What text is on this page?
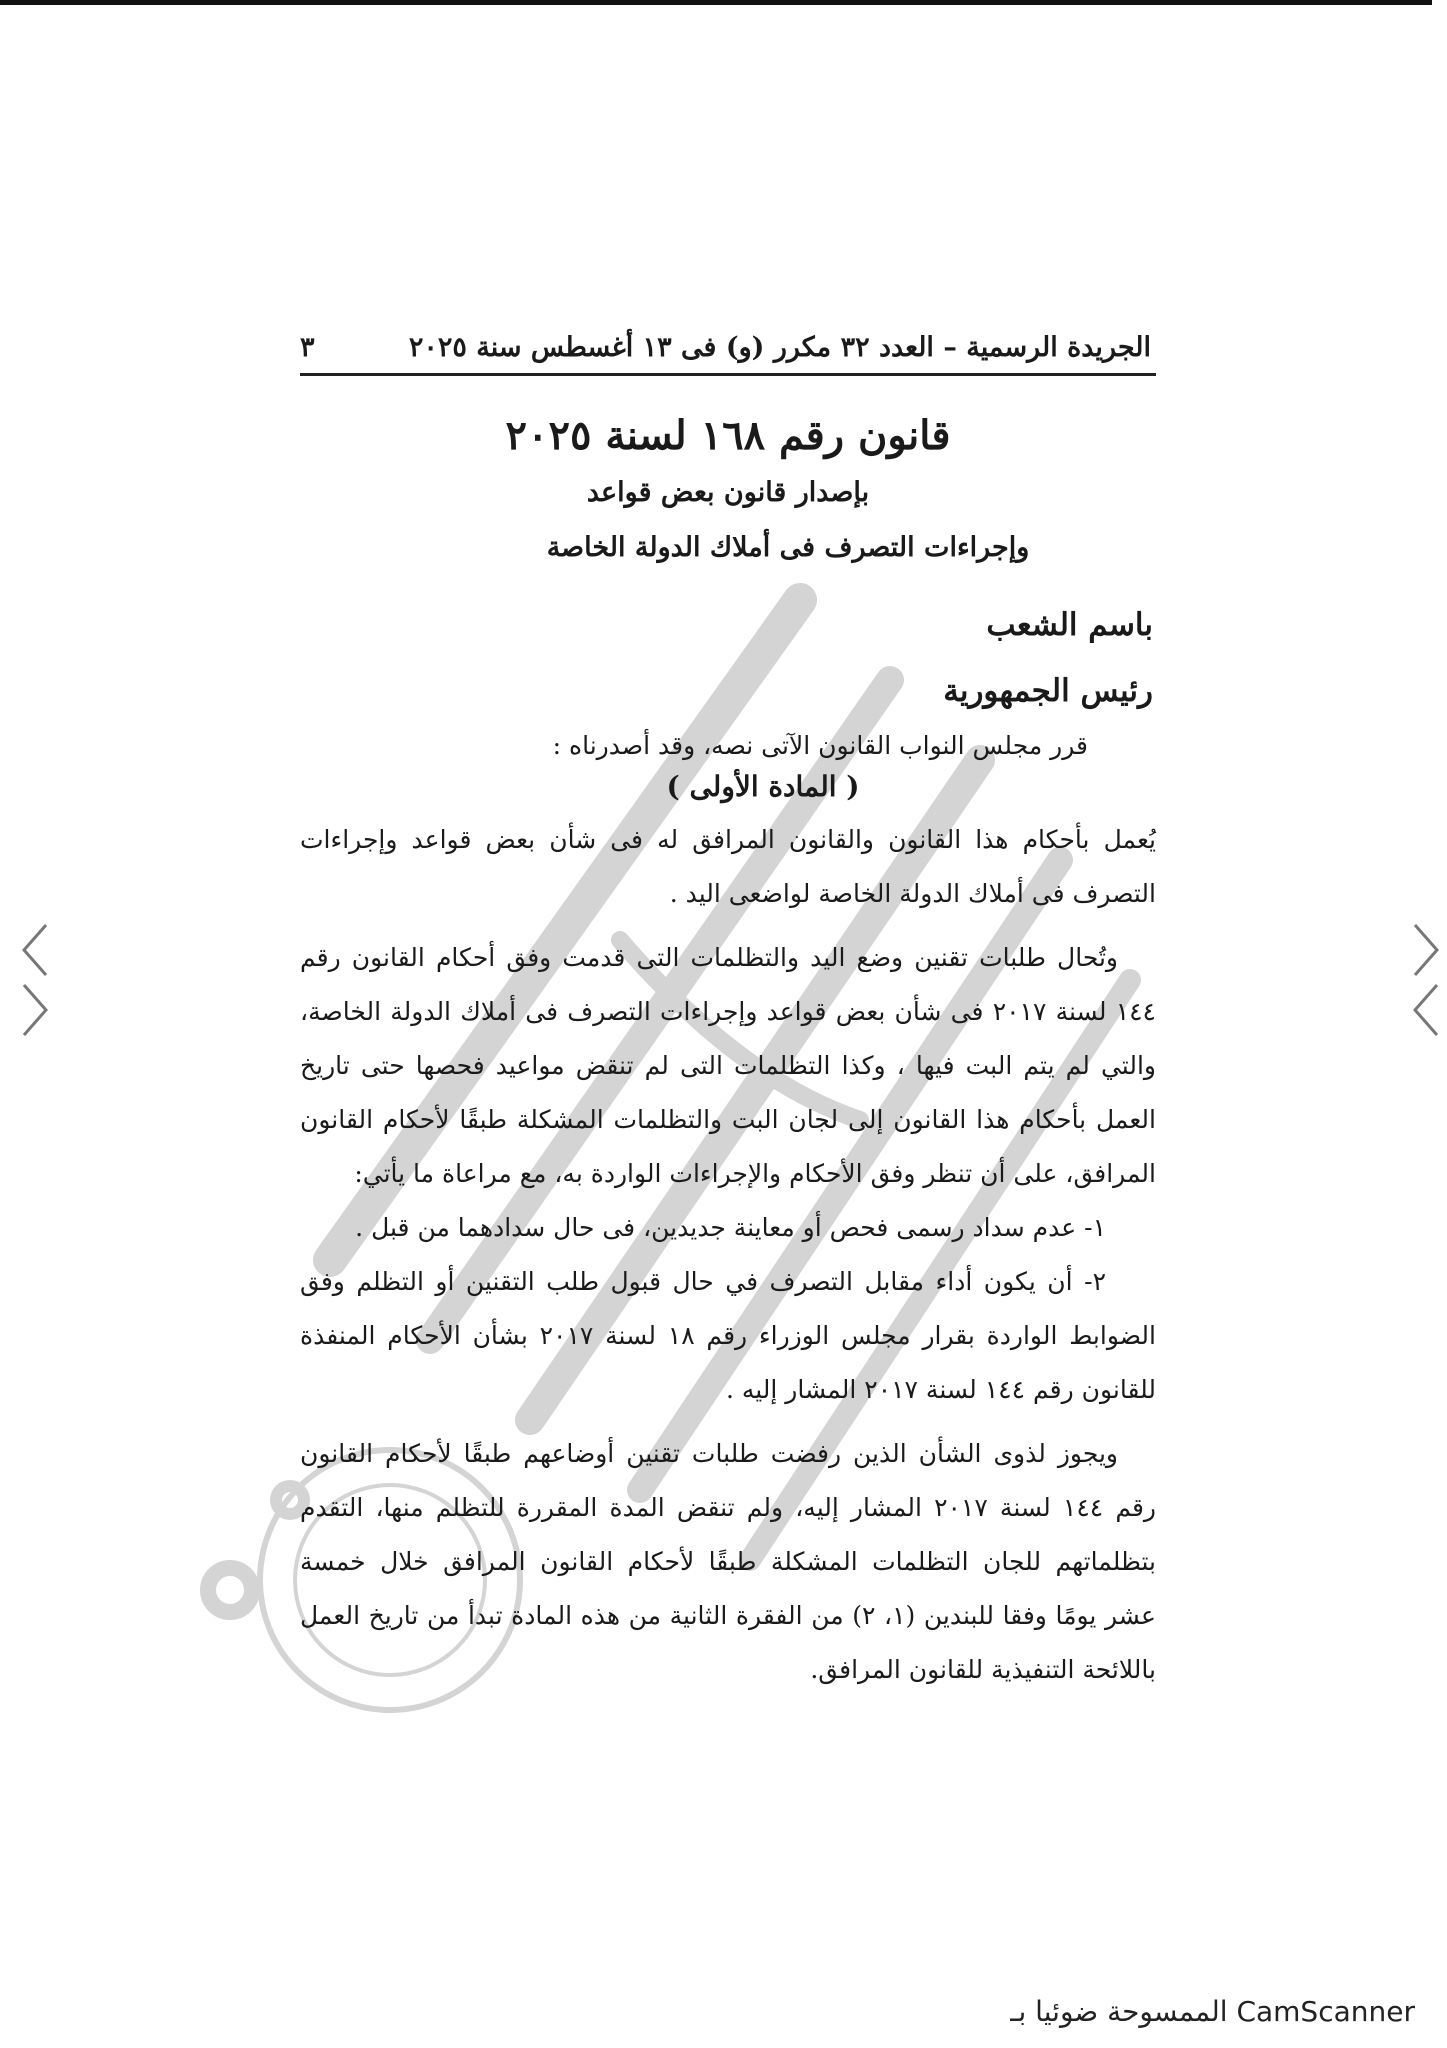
الجريدة الرسمية – العدد ٣٢ مكرر (و) فى ١٣ أغسطس سنة ٢٠٢٥
٣
قانون رقم ١٦٨ لسنة ٢٠٢٥
بإصدار قانون بعض قواعد
وإجراءات التصرف فى أملاك الدولة الخاصة
باسم الشعب
رئيس الجمهورية
قرر مجلس النواب القانون الآتى نصه، وقد أصدرناه :
( المادة الأولى )

يُعمل بأحكام هذا القانون والقانون المرافق له فى شأن بعض قواعد وإجراءات التصرف فى أملاك الدولة الخاصة لواضعى اليد .

وتُحال طلبات تقنين وضع اليد والتظلمات التى قدمت وفق أحكام القانون رقم ١٤٤ لسنة ٢٠١٧ فى شأن بعض قواعد وإجراءات التصرف فى أملاك الدولة الخاصة، والتي لم يتم البت فيها ، وكذا التظلمات التى لم تنقض مواعيد فحصها حتى تاريخ العمل بأحكام هذا القانون إلى لجان البت والتظلمات المشكلة طبقًا لأحكام القانون المرافق، على أن تنظر وفق الأحكام والإجراءات الواردة به، مع مراعاة ما يأتي:

١- عدم سداد رسمى فحص أو معاينة جديدين، فى حال سدادهما من قبل .

٢- أن يكون أداء مقابل التصرف في حال قبول طلب التقنين أو التظلم وفق الضوابط الواردة بقرار مجلس الوزراء رقم ١٨ لسنة ٢٠١٧ بشأن الأحكام المنفذة للقانون رقم ١٤٤ لسنة ٢٠١٧ المشار إليه .

ويجوز لذوى الشأن الذين رفضت طلبات تقنين أوضاعهم طبقًا لأحكام القانون رقم ١٤٤ لسنة ٢٠١٧ المشار إليه، ولم تنقض المدة المقررة للتظلم منها، التقدم بتظلماتهم للجان التظلمات المشكلة طبقًا لأحكام القانون المرافق خلال خمسة عشر يومًا وفقا للبندين (١، ٢) من الفقرة الثانية من هذه المادة تبدأ من تاريخ العمل باللائحة التنفيذية للقانون المرافق.

الممسوحة ضوئيا بـ CamScanner
